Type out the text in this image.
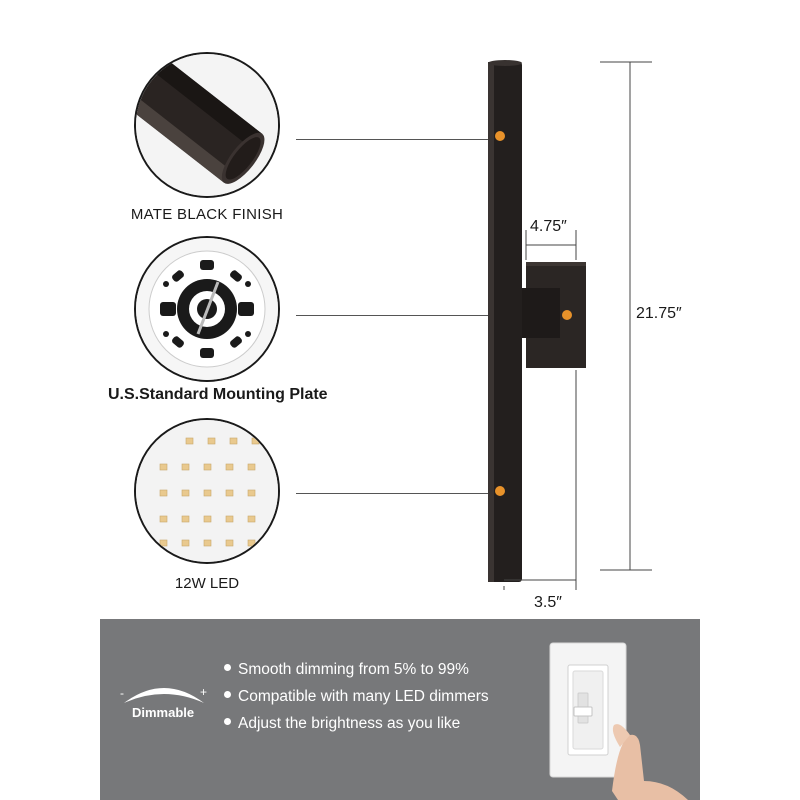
MATE BLACK FINISH
U.S.Standard Mounting Plate
12W LED
21.75″
4.75″
3.5″
-	+
Dimmable
Smooth dimming from 5% to 99%
Compatible with many LED dimmers
Adjust the brightness as you like
